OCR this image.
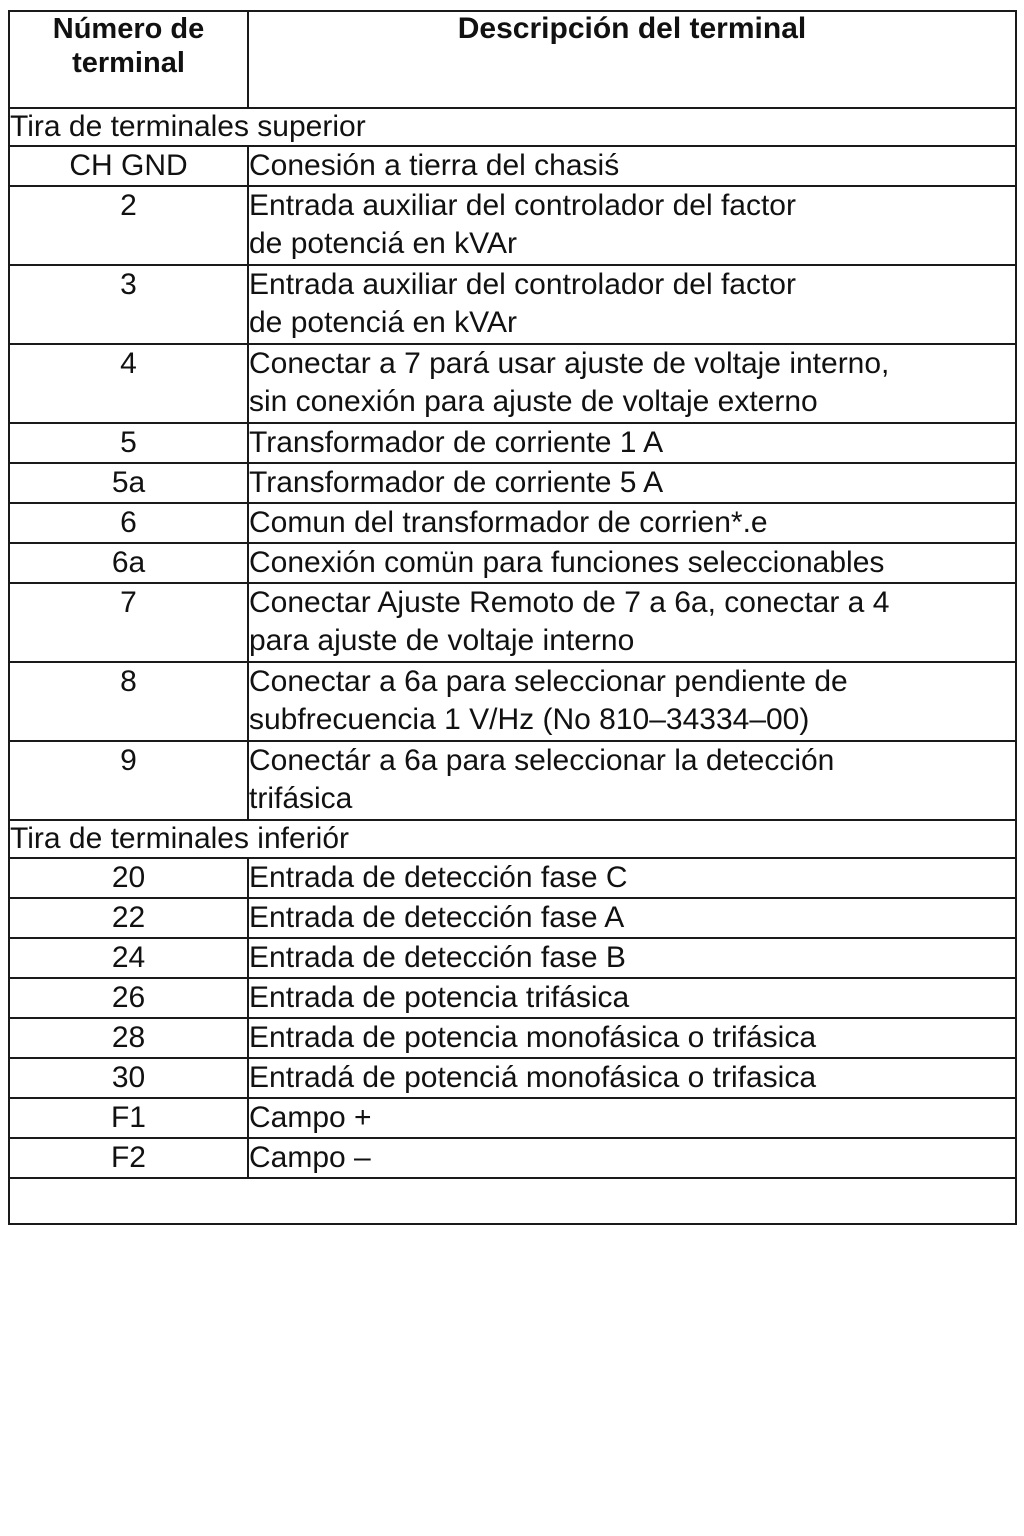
Número de
terminal	Descripción del terminal
Tira de terminales superior	
CH GND	Conesión a tierra del chasiś

2	Entrada auxiliar del controlador del factor
de potenciá en kVAr

3	Entrada auxiliar del controlador del factor
de potenciá en kVAr

4	Conectar a 7 pará usar ajuste de voltaje interno,
sin conexión para ajuste de voltaje externo

5	Transformador de corriente 1 A

5a	Transformador de corriente 5 A

6	Comun del transformador de corrien*.e

6a	Conexión comün para funciones seleccionables

7	Conectar Ajuste Remoto de 7 a 6a, conectar a 4
para ajuste de voltaje interno

8	Conectar a 6a para seleccionar pendiente de
subfrecuencia 1 V/Hz (No 810–34334–00)

9	Conectár a 6a para seleccionar la detección
trifásica

Tira de terminales inferiór	
20	Entrada de detección fase C

22	Entrada de detección fase A

24	Entrada de detección fase B

26	Entrada de potencia trifásica

28	Entrada de potencia monofásica o trifásica

30	Entradá de potenciá monofásica o trifasica

F1	Campo +

F2	Campo –
